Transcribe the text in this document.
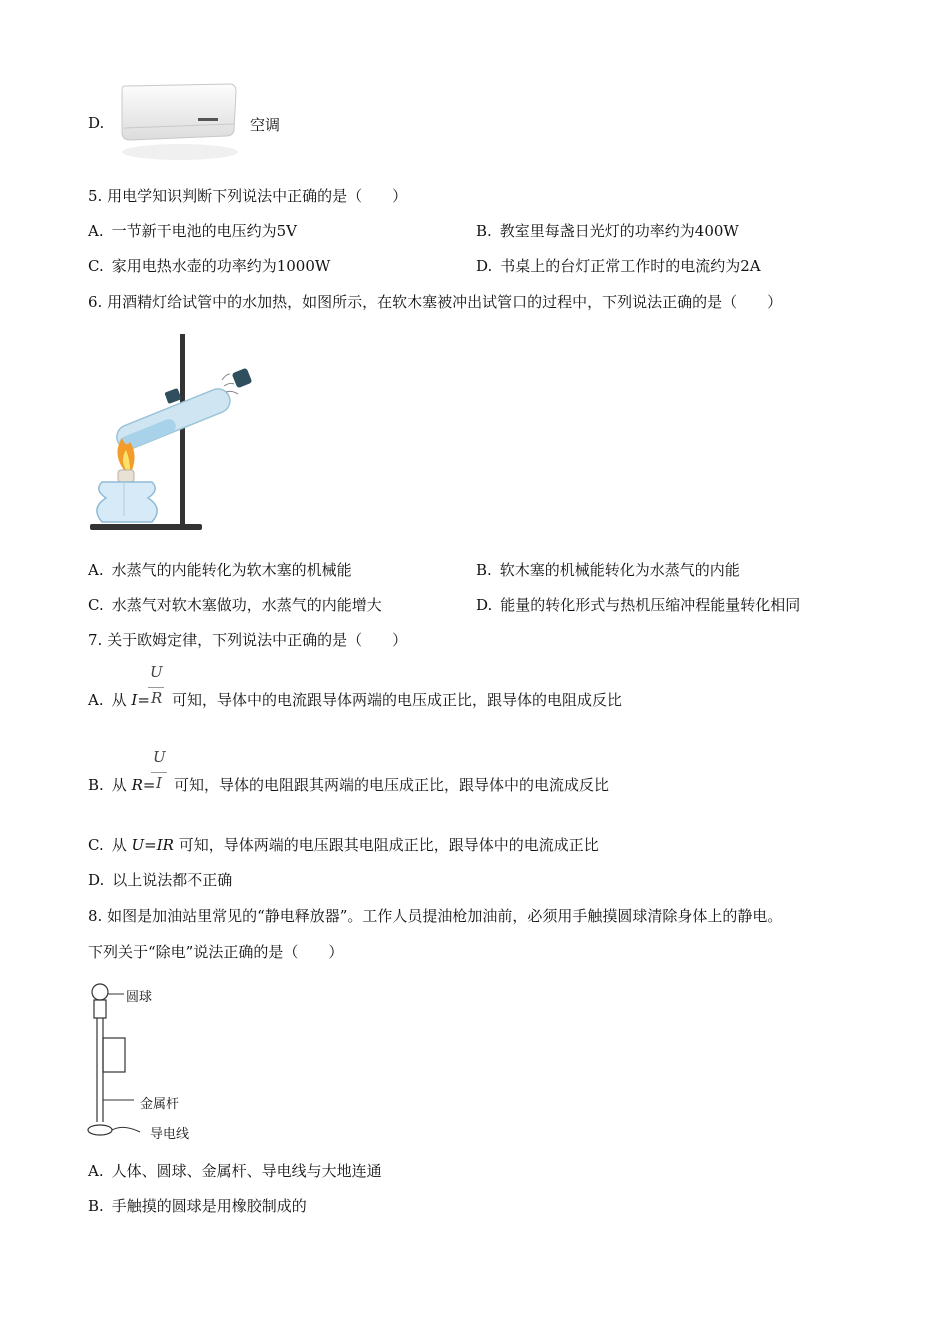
D.	空调
5. 用电学知识判断下列说法中正确的是（　　）
A. 一节新干电池的电压约为5V	B. 教室里每盏日光灯的功率约为400W
C. 家用电热水壶的功率约为1000W	D. 书桌上的台灯正常工作时的电流约为2A
6. 用酒精灯给试管中的水加热，如图所示，在软木塞被冲出试管口的过程中，下列说法正确的是（　　）
A. 水蒸气的内能转化为软木塞的机械能	B. 软木塞的机械能转化为水蒸气的内能
C. 水蒸气对软木塞做功，水蒸气的内能增大	D. 能量的转化形式与热机压缩冲程能量转化相同
7. 关于欧姆定律，下列说法中正确的是（　　）
U
A. 从 I= R 可知，导体中的电流跟导体两端的电压成正比，跟导体的电阻成反比
U
B. 从 R= I 可知，导体的电阻跟其两端的电压成正比，跟导体中的电流成反比
C. 从 U=IR 可知，导体两端的电压跟其电阻成正比，跟导体中的电流成正比
D. 以上说法都不正确
8. 如图是加油站里常见的“静电释放器”。工作人员提油枪加油前，必须用手触摸圆球清除身体上的静电。
下列关于“除电”说法正确的是（　　）
圆球
金属杆
导电线
A. 人体、圆球、金属杆、导电线与大地连通
B. 手触摸的圆球是用橡胶制成的
